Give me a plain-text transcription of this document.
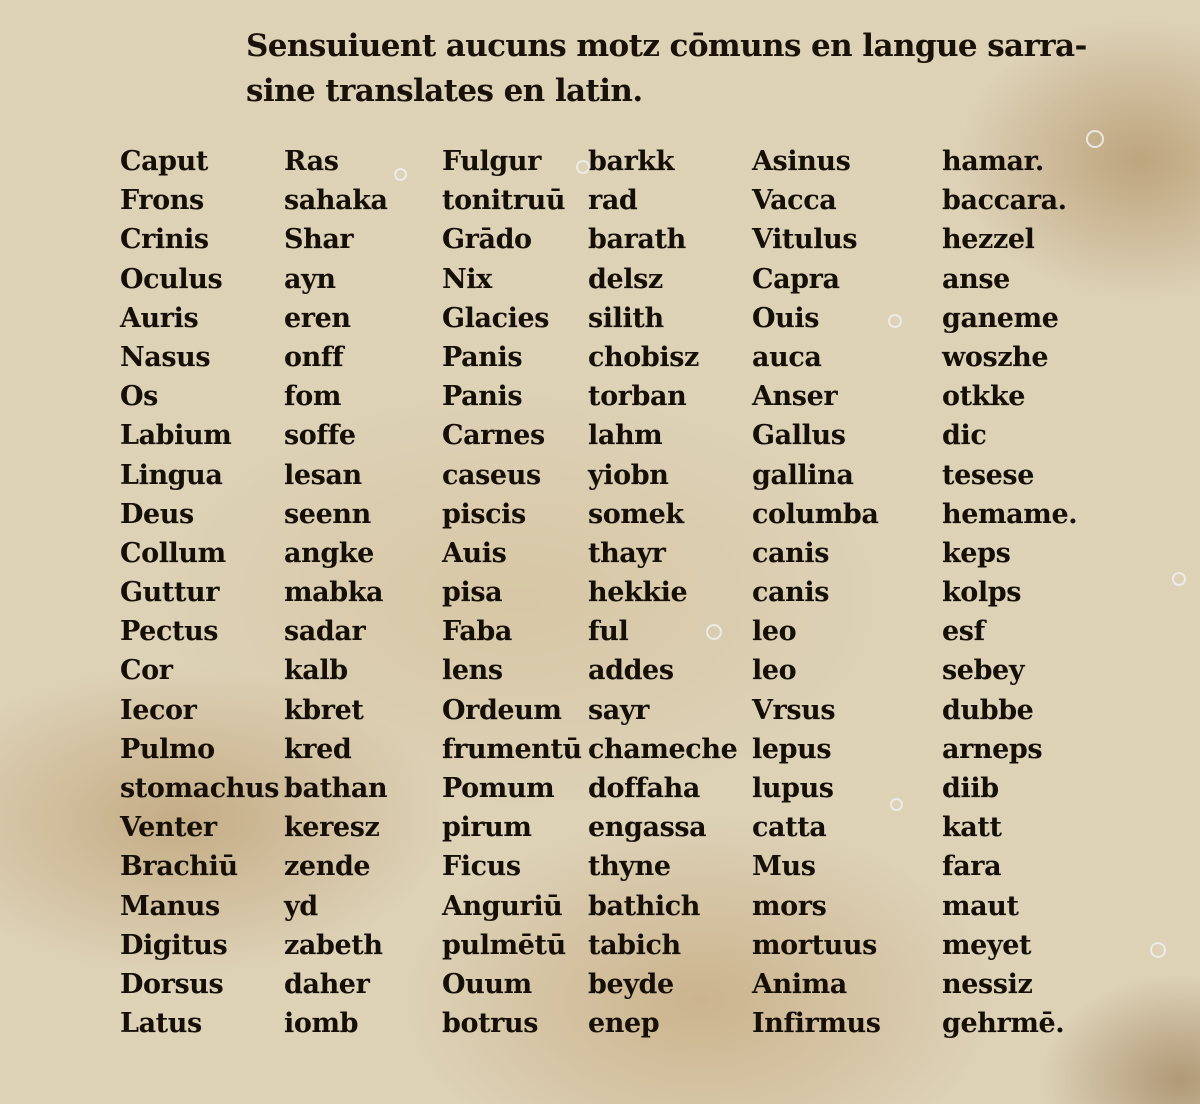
Sensuiuent aucuns motz cōmuns en langue sarra-
sine translates en latin.
Caput
Frons
Crinis
Oculus
Auris
Nasus
Os
Labium
Lingua
Deus
Collum
Guttur
Pectus
Cor
Iecor
Pulmo
stomachus
Venter
Brachiū
Manus
Digitus
Dorsus
Latus
Ras
sahaka
Shar
ayn
eren
onff
fom
soffe
lesan
seenn
angke
mabka
sadar
kalb
kbret
kred
bathan
keresz
zende
yd
zabeth
daher
iomb
Fulgur
tonitruū
Grādo
Nix
Glacies
Panis
Panis
Carnes
caseus
piscis
Auis
pisa
Faba
lens
Ordeum
frumentū
Pomum
pirum
Ficus
Anguriū
pulmētū
Ouum
botrus
barkk
rad
barath
delsz
silith
chobisz
torban
lahm
yiobn
somek
thayr
hekkie
ful
addes
sayr
chameche
doffaha
engassa
thyne
bathich
tabich
beyde
enep
Asinus
Vacca
Vitulus
Capra
Ouis
auca
Anser
Gallus
gallina
columba
canis
canis
leo
leo
Vrsus
lepus
lupus
catta
Mus
mors
mortuus
Anima
Infirmus
hamar.
baccara.
hezzel
anse
ganeme
woszhe
otkke
dic
tesese
hemame.
keps
kolps
esf
sebey
dubbe
arneps
diib
katt
fara
maut
meyet
nessiz
gehrmē.
